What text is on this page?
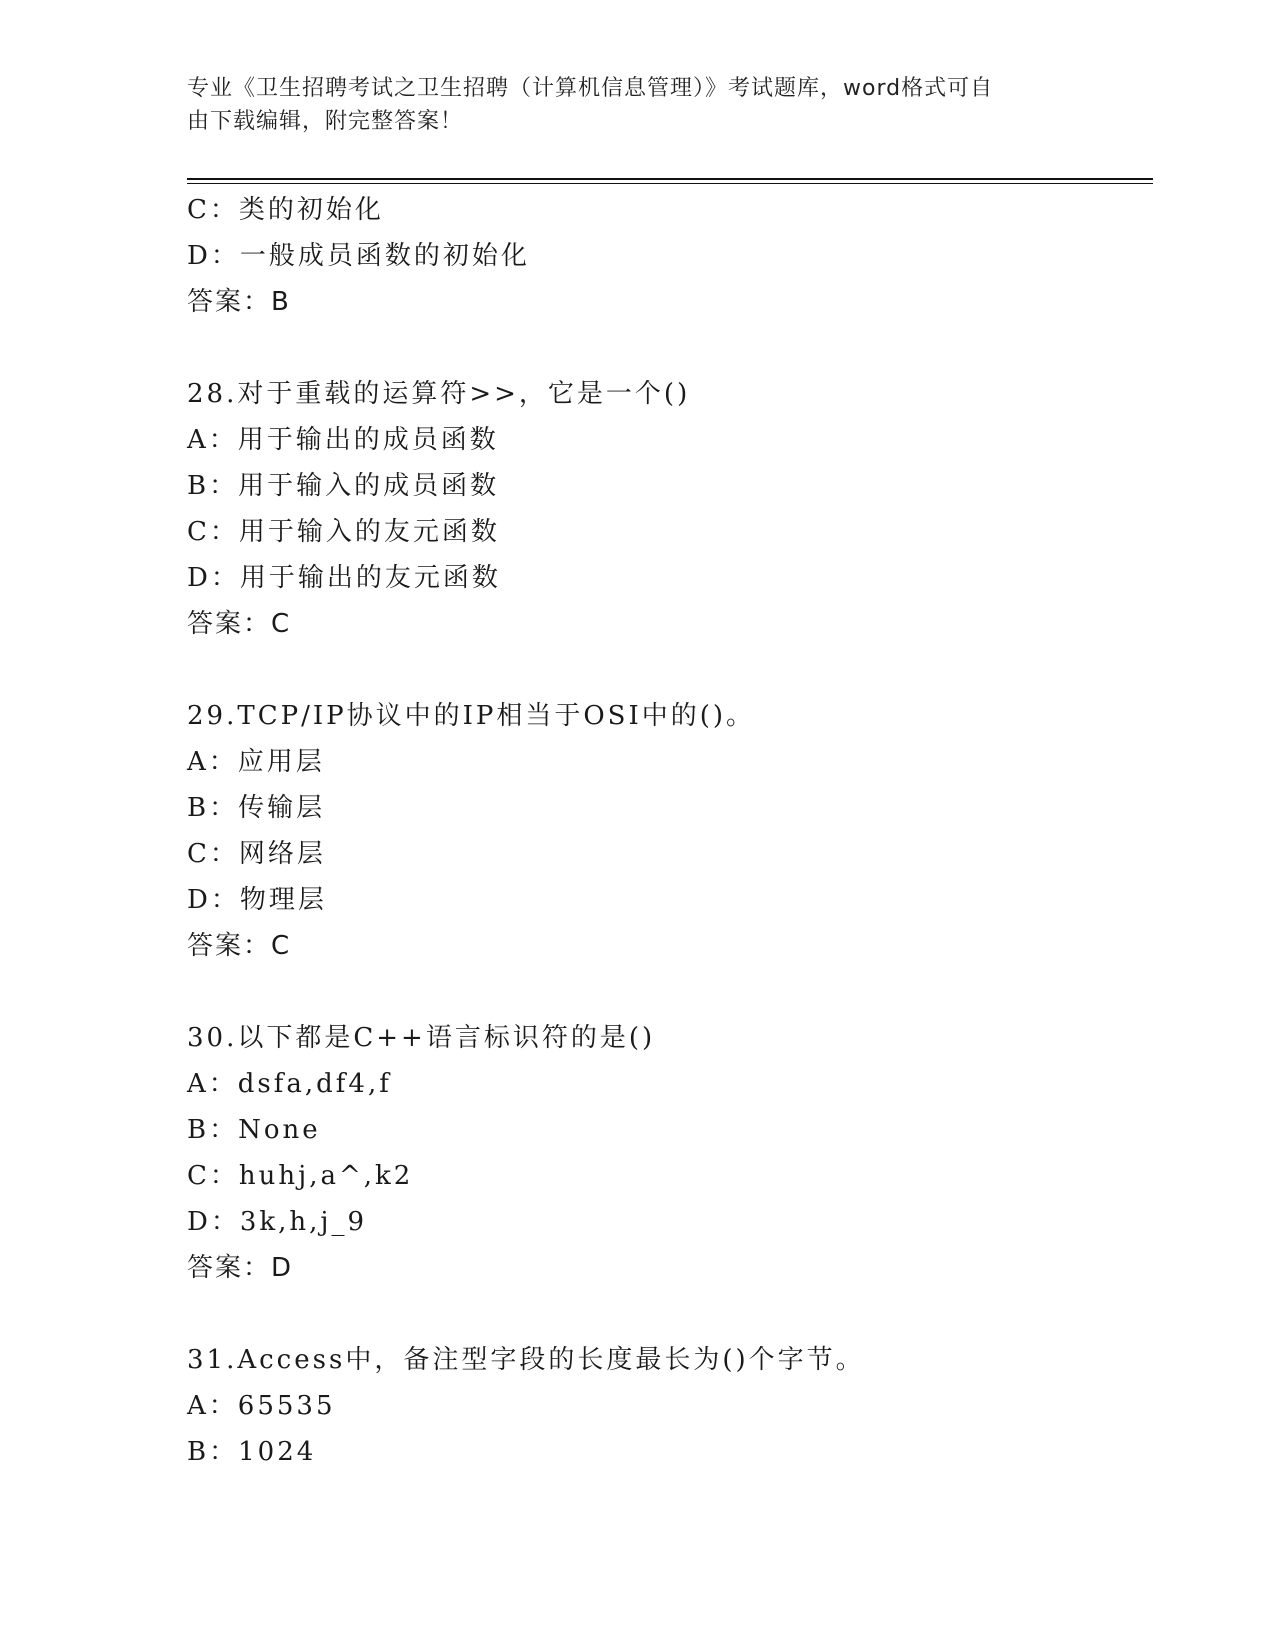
专业《卫生招聘考试之卫生招聘（计算机信息管理）》考试题库，word格式可自
由下载编辑，附完整答案！
C：类的初始化
D：一般成员函数的初始化
答案：B
28.对于重载的运算符>>，它是一个()
A：用于输出的成员函数
B：用于输入的成员函数
C：用于输入的友元函数
D：用于输出的友元函数
答案：C
29.TCP/IP协议中的IP相当于OSI中的()。
A：应用层
B：传输层
C：网络层
D：物理层
答案：C
30.以下都是C++语言标识符的是()
A：dsfa,df4,f
B：None
C：huhj,a^,k2
D：3k,h,j_9
答案：D
31.Access中，备注型字段的长度最长为()个字节。
A：65535
B：1024
